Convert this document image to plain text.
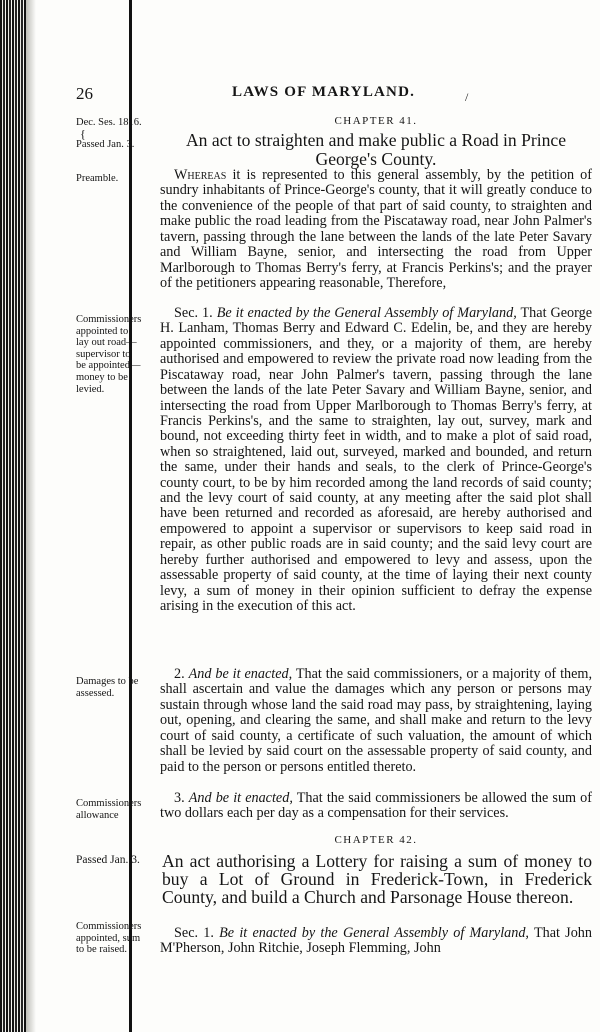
26	LAWS OF MARYLAND.	/
Dec. Ses. 1816.
{
Passed Jan. 3.
Preamble.
Commissioners
appointed to
lay out road—
supervisor to
be appointed—
money to be
levied.
Damages to be
assessed.
Commissioners
allowance
Passed Jan. 3.
Commissioners
appointed, sum
to be raised.
CHAPTER 41.
An act to straighten and make public a Road in Prince
George's County.
Whereas it is represented to this general assembly, by the petition of sundry inhabitants of Prince-George's county, that it will greatly conduce to the convenience of the people of that part of said county, to straighten and make public the road leading from the Piscataway road, near John Palmer's tavern, passing through the lane between the lands of the late Peter Savary and William Bayne, senior, and intersecting the road from Upper Marlborough to Thomas Berry's ferry, at Francis Perkins's; and the prayer of the petitioners appearing reasonable, Therefore,
Sec. 1. Be it enacted by the General Assembly of Maryland, That George H. Lanham, Thomas Berry and Edward C. Edelin, be, and they are hereby appointed commissioners, and they, or a majority of them, are hereby authorised and empowered to review the private road now leading from the Piscataway road, near John Palmer's tavern, passing through the lane between the lands of the late Peter Savary and William Bayne, senior, and intersecting the road from Upper Marlborough to Thomas Berry's ferry, at Francis Perkins's, and the same to straighten, lay out, survey, mark and bound, not exceeding thirty feet in width, and to make a plot of said road, when so straightened, laid out, surveyed, marked and bounded, and return the same, under their hands and seals, to the clerk of Prince-George's county court, to be by him recorded among the land records of said county; and the levy court of said county, at any meeting after the said plot shall have been returned and recorded as aforesaid, are hereby authorised and empowered to appoint a supervisor or supervisors to keep said road in repair, as other public roads are in said county; and the said levy court are hereby further authorised and empowered to levy and assess, upon the assessable property of said county, at the time of laying their next county levy, a sum of money in their opinion sufficient to defray the expense arising in the execution of this act.
2. And be it enacted, That the said commissioners, or a majority of them, shall ascertain and value the damages which any person or persons may sustain through whose land the said road may pass, by straightening, laying out, opening, and clearing the same, and shall make and return to the levy court of said county, a certificate of such valuation, the amount of which shall be levied by said court on the assessable property of said county, and paid to the person or persons entitled thereto.
3. And be it enacted, That the said commissioners be allowed the sum of two dollars each per day as a compensation for their services.
CHAPTER 42.
An act authorising a Lottery for raising a sum of money to buy a Lot of Ground in Frederick-Town, in Frederick County, and build a Church and Parsonage House thereon.
Sec. 1. Be it enacted by the General Assembly of Maryland, That John M'Pherson, John Ritchie, Joseph Flemming, John
